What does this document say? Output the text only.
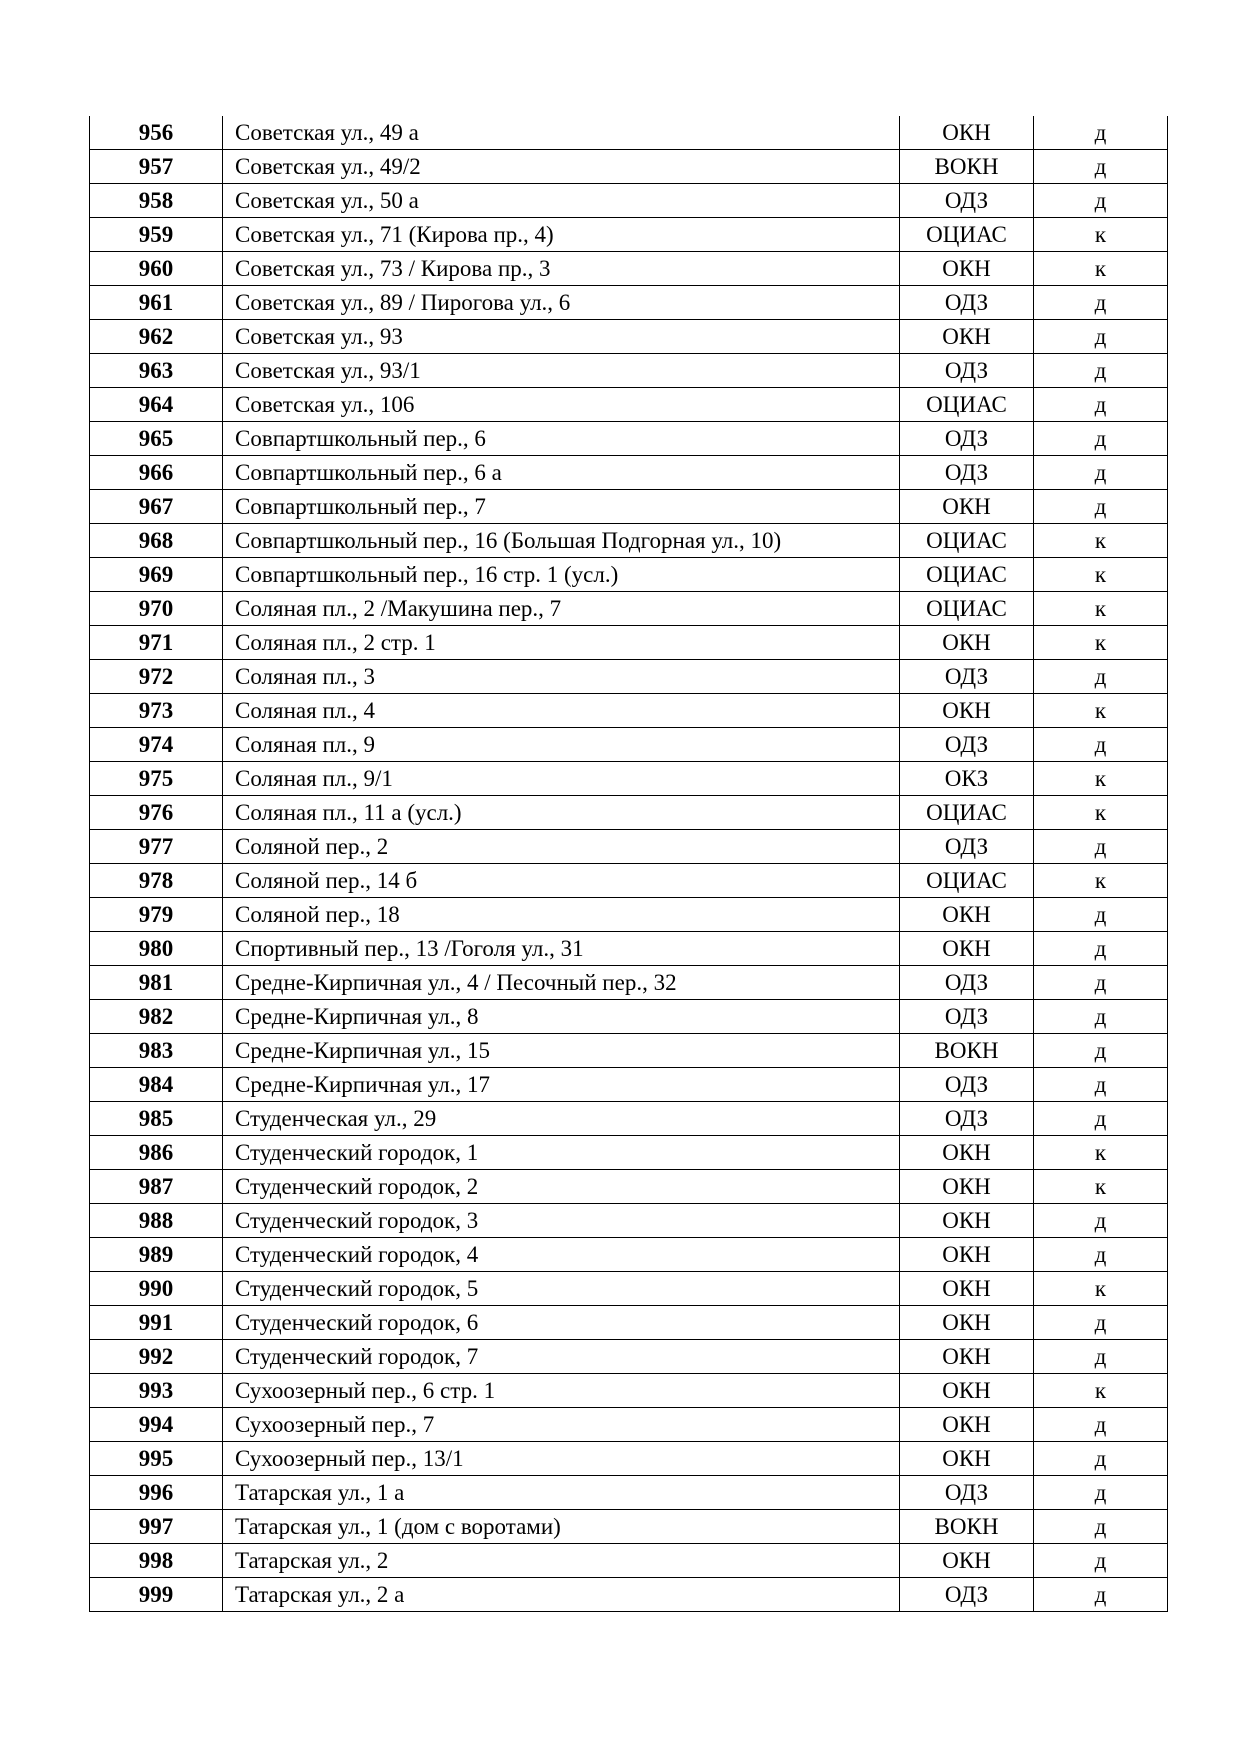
956	Советская ул., 49 а	ОКН	д
957	Советская ул., 49/2	ВОКН	д
958	Советская ул., 50 а	ОДЗ	д
959	Советская ул., 71 (Кирова пр., 4)	ОЦИАС	к
960	Советская ул., 73 / Кирова пр., 3	ОКН	к
961	Советская ул., 89 / Пирогова ул., 6	ОДЗ	д
962	Советская ул., 93	ОКН	д
963	Советская ул., 93/1	ОДЗ	д
964	Советская ул., 106	ОЦИАС	д
965	Совпартшкольный пер., 6	ОДЗ	д
966	Совпартшкольный пер., 6 а	ОДЗ	д
967	Совпартшкольный пер., 7	ОКН	д
968	Совпартшкольный пер., 16 (Большая Подгорная ул., 10)	ОЦИАС	к
969	Совпартшкольный пер., 16 стр. 1 (усл.)	ОЦИАС	к
970	Соляная пл., 2 /Макушина пер., 7	ОЦИАС	к
971	Соляная пл., 2 стр. 1	ОКН	к
972	Соляная пл., 3	ОДЗ	д
973	Соляная пл., 4	ОКН	к
974	Соляная пл., 9	ОДЗ	д
975	Соляная пл., 9/1	ОКЗ	к
976	Соляная пл., 11 а (усл.)	ОЦИАС	к
977	Соляной пер., 2	ОДЗ	д
978	Соляной пер., 14 б	ОЦИАС	к
979	Соляной пер., 18	ОКН	д
980	Спортивный пер., 13 /Гоголя ул., 31	ОКН	д
981	Средне-Кирпичная ул., 4 / Песочный пер., 32	ОДЗ	д
982	Средне-Кирпичная ул., 8	ОДЗ	д
983	Средне-Кирпичная ул., 15	ВОКН	д
984	Средне-Кирпичная ул., 17	ОДЗ	д
985	Студенческая ул., 29	ОДЗ	д
986	Студенческий городок, 1	ОКН	к
987	Студенческий городок, 2	ОКН	к
988	Студенческий городок, 3	ОКН	д
989	Студенческий городок, 4	ОКН	д
990	Студенческий городок, 5	ОКН	к
991	Студенческий городок, 6	ОКН	д
992	Студенческий городок, 7	ОКН	д
993	Сухоозерный пер., 6 стр. 1	ОКН	к
994	Сухоозерный пер., 7	ОКН	д
995	Сухоозерный пер., 13/1	ОКН	д
996	Татарская ул., 1 а	ОДЗ	д
997	Татарская ул., 1 (дом с воротами)	ВОКН	д
998	Татарская ул., 2	ОКН	д
999	Татарская ул., 2 а	ОДЗ	д
